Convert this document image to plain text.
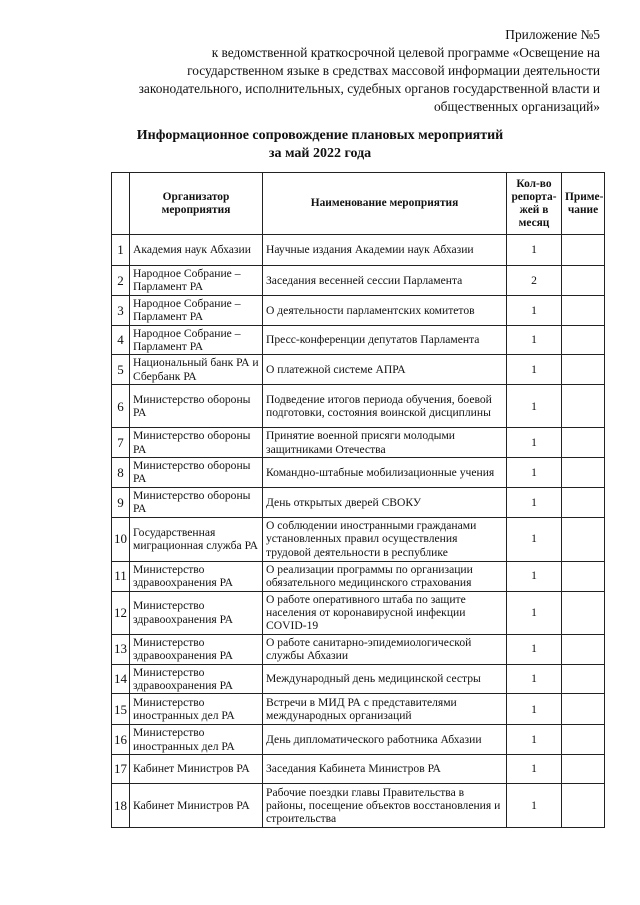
Приложение №5
к ведомственной краткосрочной целевой программе «Освещение на государственном языке в средствах массовой информации деятельности законодательного, исполнительных, судебных органов государственной власти и общественных организаций»
Информационное сопровождение плановых мероприятий
за май 2022 года
	Организатор мероприятия	Наименование мероприятия	Кол-во репорта-жей в месяц	Приме-чание
1	Академия наук Абхазии	Научные издания Академии наук Абхазии	1	
2	Народное Собрание – Парламент РА	Заседания весенней сессии Парламента	2	
3	Народное Собрание – Парламент РА	О деятельности парламентских комитетов	1	
4	Народное Собрание – Парламент РА	Пресс-конференции депутатов Парламента	1	
5	Национальный банк РА и Сбербанк РА	О платежной системе АПРА	1	
6	Министерство обороны РА	Подведение итогов периода обучения, боевой подготовки, состояния воинской дисциплины	1	
7	Министерство обороны РА	Принятие военной присяги молодыми защитниками Отечества	1	
8	Министерство обороны РА	Командно-штабные мобилизационные учения	1	
9	Министерство обороны РА	День открытых дверей СВОКУ	1	
10	Государственная миграционная служба РА	О соблюдении иностранными гражданами установленных правил осуществления трудовой деятельности в республике	1	
11	Министерство здравоохранения РА	О реализации программы по организации обязательного медицинского страхования	1	
12	Министерство здравоохранения РА	О работе оперативного штаба по защите населения от коронавирусной инфекции COVID-19	1	
13	Министерство здравоохранения РА	О работе санитарно-эпидемиологической службы Абхазии	1	
14	Министерство здравоохранения РА	Международный день медицинской сестры	1	
15	Министерство иностранных дел РА	Встречи в МИД РА с представителями международных организаций	1	
16	Министерство иностранных дел РА	День дипломатического работника Абхазии	1	
17	Кабинет Министров РА	Заседания Кабинета Министров РА	1	
18	Кабинет Министров РА	Рабочие поездки главы Правительства в районы, посещение объектов восстановления и строительства	1	
